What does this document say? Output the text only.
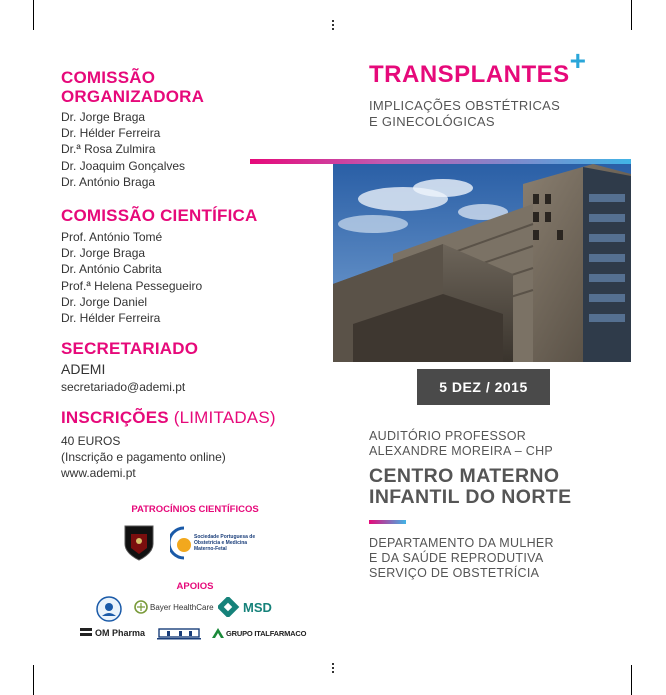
COMISSÃO
ORGANIZADORA
Dr. Jorge Braga
Dr. Hélder Ferreira
Dr.ª Rosa Zulmira
Dr. Joaquim Gonçalves
Dr. António Braga
COMISSÃO CIENTÍFICA
Prof. António Tomé
Dr. Jorge Braga
Dr. António Cabrita
Prof.ª Helena Pessegueiro
Dr. Jorge Daniel
Dr. Hélder Ferreira
SECRETARIADO
ADEMI
secretariado@ademi.pt
INSCRIÇÕES (LIMITADAS)
40 EUROS
(Inscrição e pagamento online)
www.ademi.pt
PATROCÍNIOS CIENTÍFICOS
Sociedade Portuguesa de Obstetrícia e Medicina Materno-Fetal
APOIOS
Bayer HealthCare MSD
OM Pharma	GRUPO ITALFARMACO
TRANSPLANTES +
IMPLICAÇÕES OBSTÉTRICAS
E GINECOLÓGICAS
5 DEZ / 2015
AUDITÓRIO PROFESSOR
ALEXANDRE MOREIRA – CHP
CENTRO MATERNO
INFANTIL DO NORTE
DEPARTAMENTO DA MULHER
E DA SAÚDE REPRODUTIVA
SERVIÇO DE OBSTETRÍCIA
